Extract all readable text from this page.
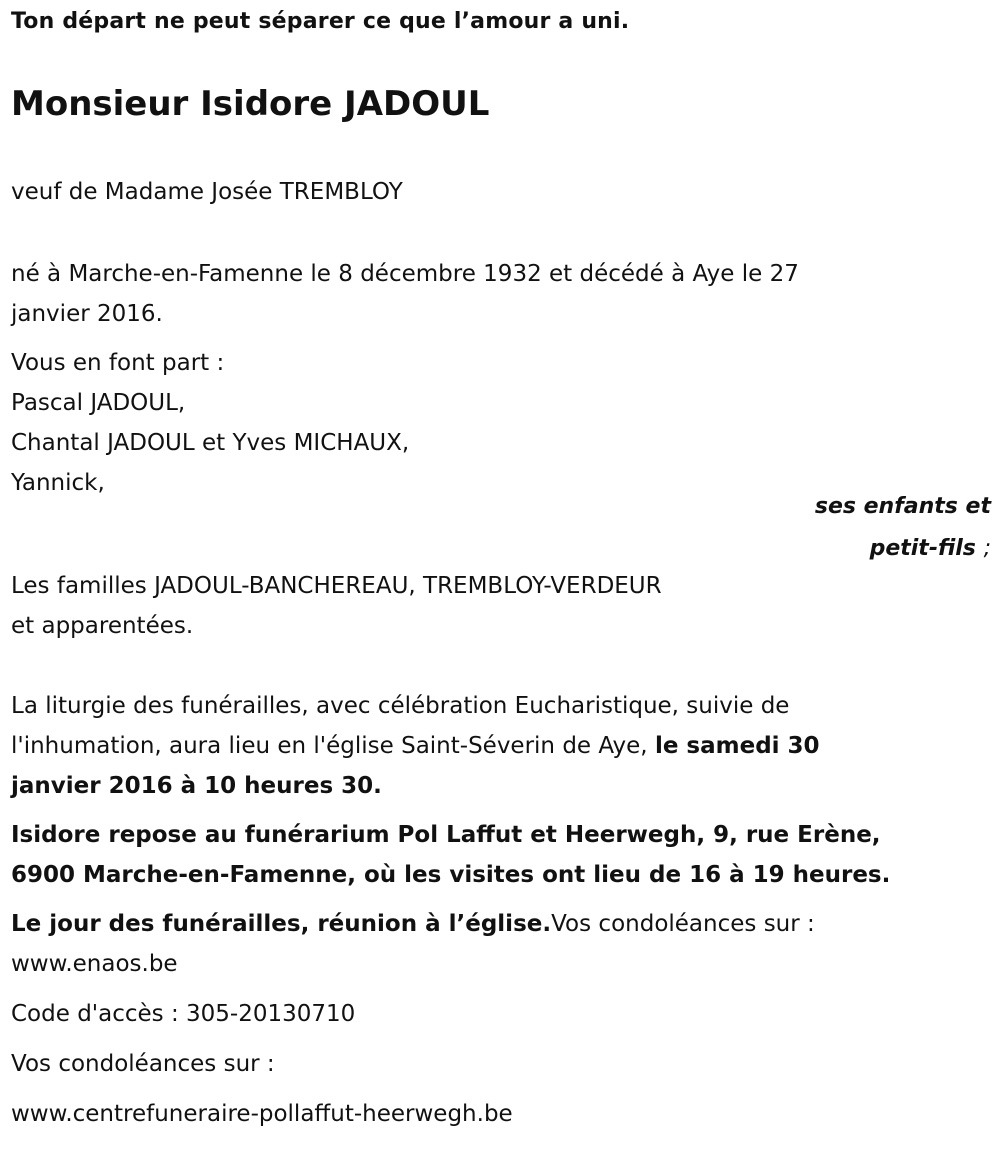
Ton départ ne peut séparer ce que l’amour a uni.
Monsieur Isidore JADOUL
veuf de Madame Josée TREMBLOY
né à Marche-en-Famenne le 8 décembre 1932 et décédé à Aye le 27
janvier 2016.
Vous en font part :
Pascal JADOUL,
Chantal JADOUL et Yves MICHAUX,
Yannick,
ses enfants et
petit-fils ;
Les familles JADOUL-BANCHEREAU, TREMBLOY-VERDEUR
et apparentées.
La liturgie des funérailles, avec célébration Eucharistique, suivie de
l'inhumation, aura lieu en l'église Saint-Séverin de Aye, le samedi 30
janvier 2016 à 10 heures 30.
Isidore repose au funérarium Pol Laffut et Heerwegh, 9, rue Erène,
6900 Marche-en-Famenne, où les visites ont lieu de 16 à 19 heures.
Le jour des funérailles, réunion à l’église.Vos condoléances sur :
www.enaos.be
Code d'accès : 305-20130710
Vos condoléances sur :
www.centrefuneraire-pollaffut-heerwegh.be
